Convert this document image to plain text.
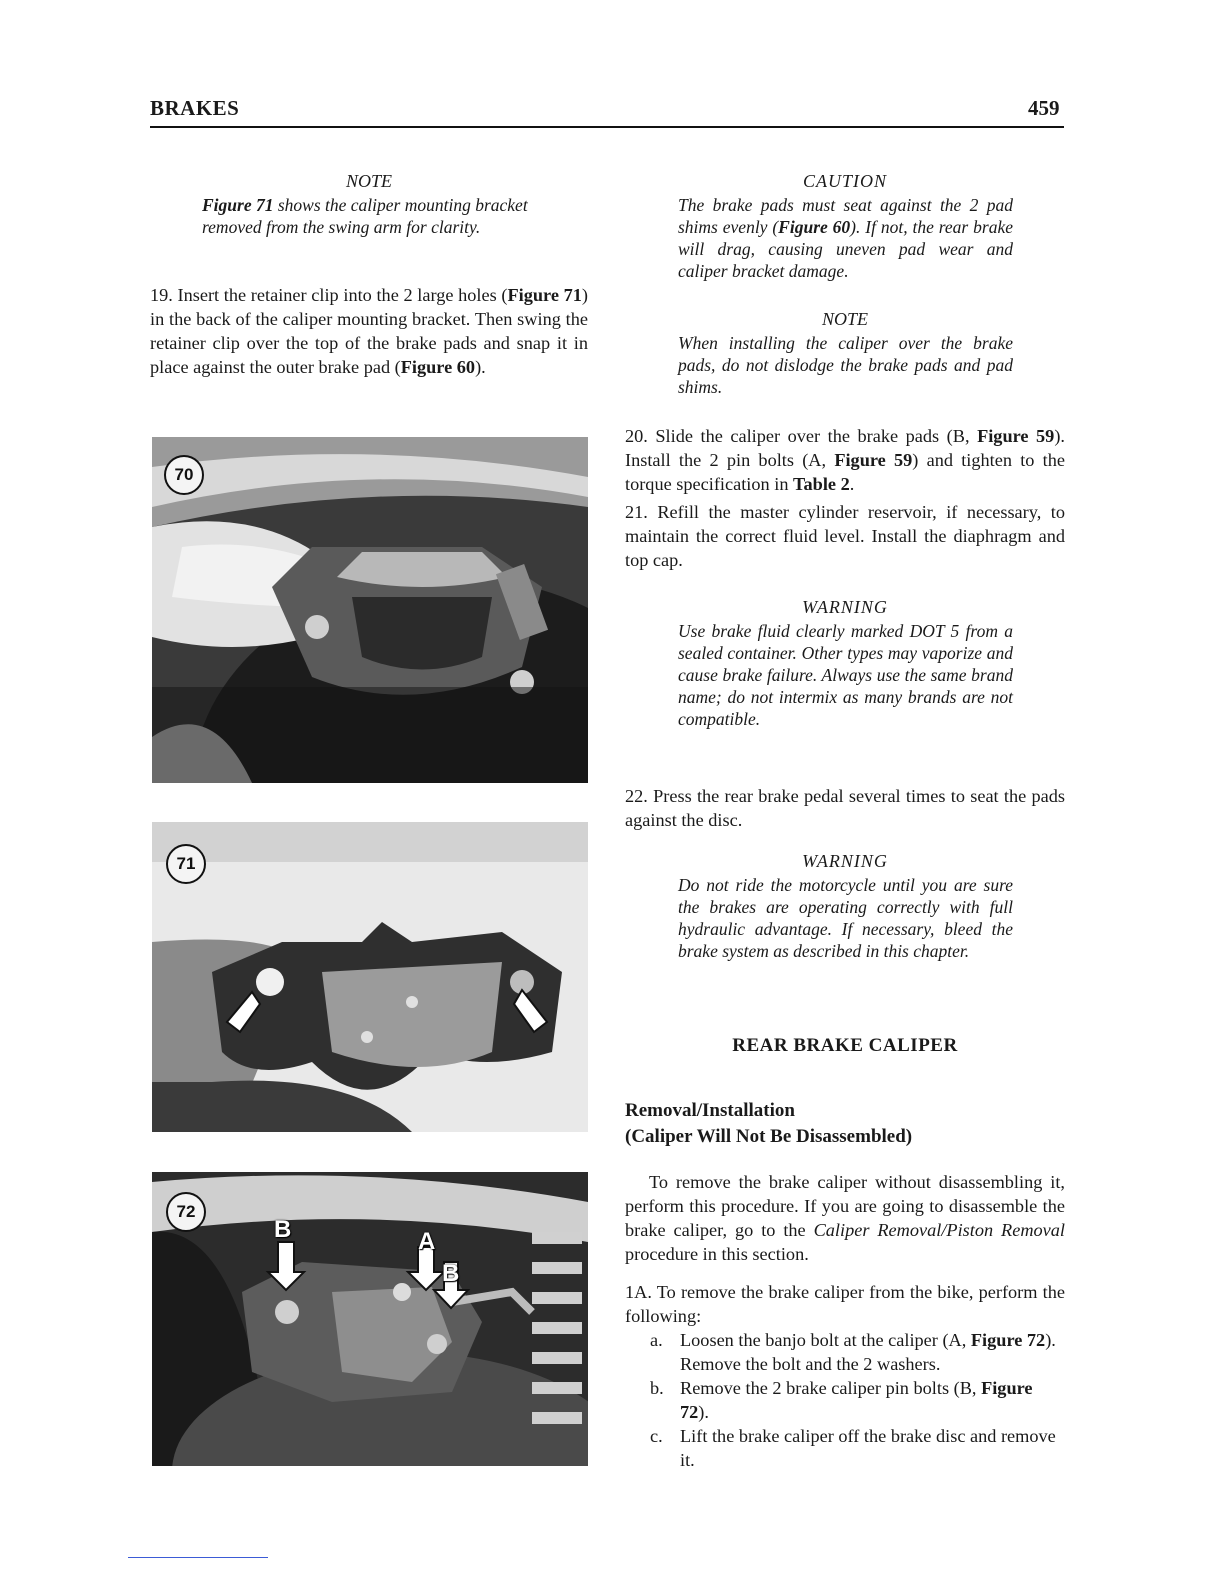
BRAKES	459
NOTE
Figure 71 shows the caliper mounting bracket removed from the swing arm for clarity.
19. Insert the retainer clip into the 2 large holes (Figure 71) in the back of the caliper mounting bracket. Then swing the retainer clip over the top of the brake pads and snap it in place against the outer brake pad (Figure 60).
70
71
72
B	A
B
CAUTION
The brake pads must seat against the 2 pad shims evenly (Figure 60). If not, the rear brake will drag, causing uneven pad wear and caliper bracket damage.
NOTE
When installing the caliper over the brake pads, do not dislodge the brake pads and pad shims.
20. Slide the caliper over the brake pads (B, Figure 59). Install the 2 pin bolts (A, Figure 59) and tighten to the torque specification in Table 2.
21. Refill the master cylinder reservoir, if necessary, to maintain the correct fluid level. Install the diaphragm and top cap.
WARNING
Use brake fluid clearly marked DOT 5 from a sealed container. Other types may vaporize and cause brake failure. Always use the same brand name; do not intermix as many brands are not compatible.
22. Press the rear brake pedal several times to seat the pads against the disc.
WARNING
Do not ride the motorcycle until you are sure the brakes are operating correctly with full hydraulic advantage. If necessary, bleed the brake system as described in this chapter.
REAR BRAKE CALIPER
Removal/Installation
(Caliper Will Not Be Disassembled)
To remove the brake caliper without disassembling it, perform this procedure. If you are going to disassemble the brake caliper, go to the Caliper Removal/Piston Removal procedure in this section.
1A. To remove the brake caliper from the bike, perform the following:
a. Loosen the banjo bolt at the caliper (A, Figure 72). Remove the bolt and the 2 washers.
b. Remove the 2 brake caliper pin bolts (B, Figure 72).
c. Lift the brake caliper off the brake disc and remove it.
